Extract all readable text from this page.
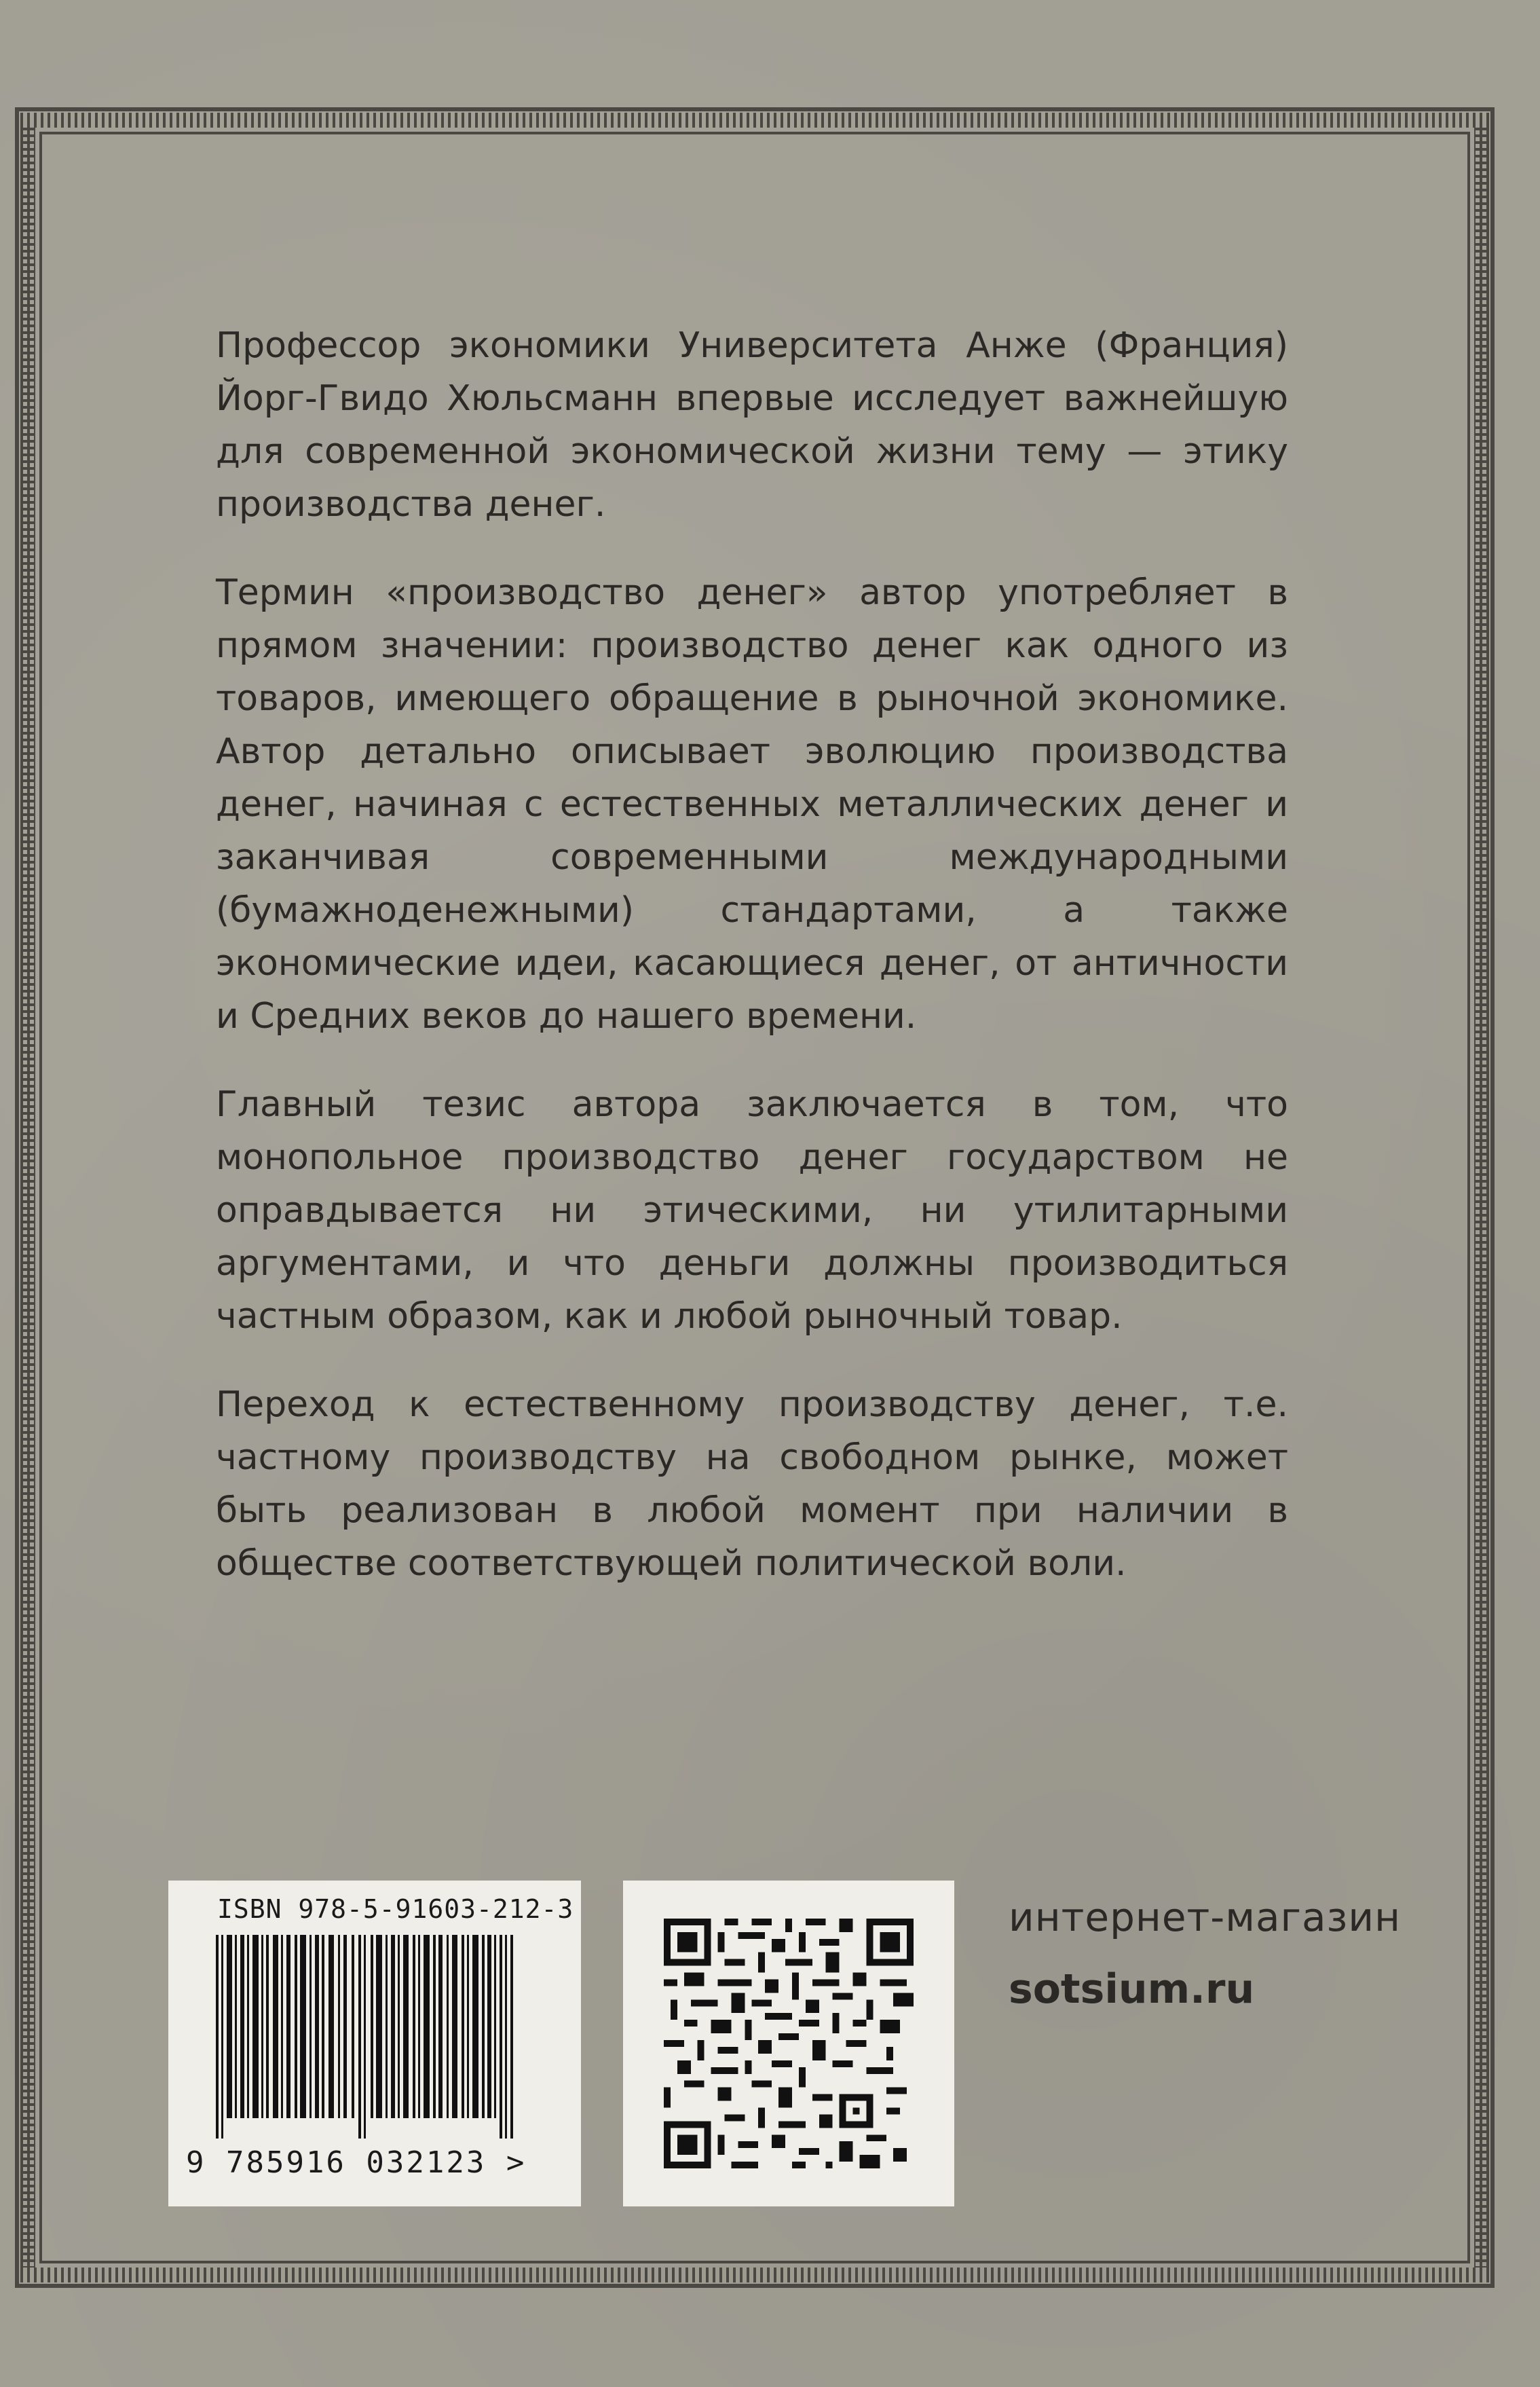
Профессор экономики Университета Анже (Франция) Йорг-Гвидо Хюльсманн впервые исследует важнейшую для современной экономической жизни тему — этику производства денег.

Термин «производство денег» автор употребляет в прямом значении: производство денег как одного из товаров, имеющего обращение в рыночной экономике. Автор детально описывает эволюцию производства денег, начиная с естественных металлических денег и заканчивая современными международными (бумажноденежными) стандартами, а также экономические идеи, касающиеся денег, от античности и Средних веков до нашего времени.

Главный тезис автора заключается в том, что монопольное производство денег государством не оправдывается ни этическими, ни утилитарными аргументами, и что деньги должны производиться частным образом, как и любой рыночный товар.

Переход к естественному производству денег, т.е. частному производству на свободном рынке, может быть реализован в любой момент при наличии в обществе соответствующей политической воли.

ISBN 978-5-91603-212-3
9 785916 032123 >
интернет-магазин
sotsium.ru
